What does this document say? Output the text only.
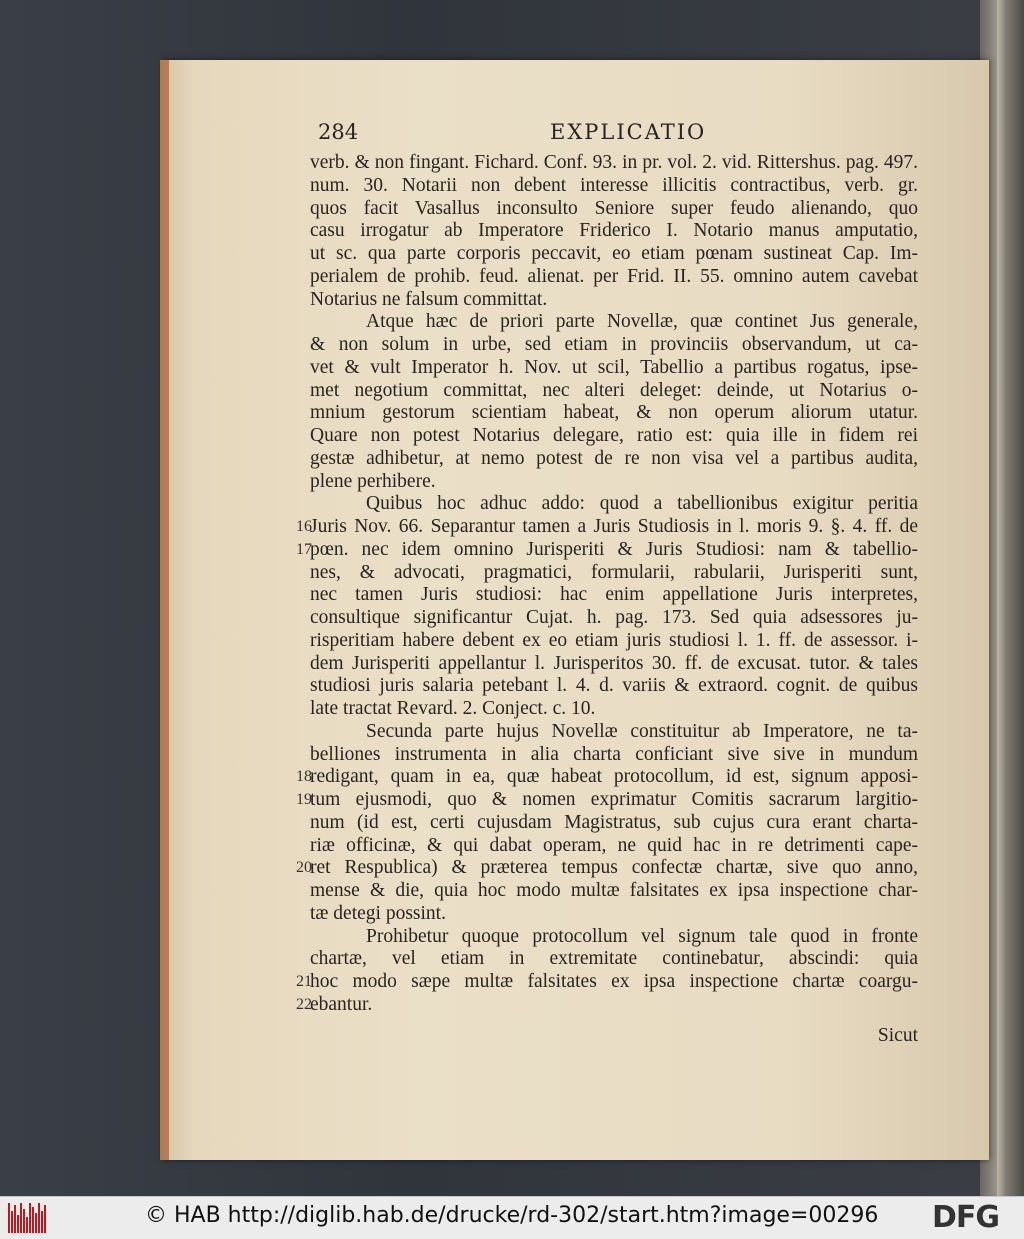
284	EXPLICATIO
verb. & non fingant. Fichard. Conf. 93. in pr. vol. 2. vid. Rittershus. pag. 497.
num. 30. Notarii non debent interesse illicitis contractibus, verb. gr.
quos facit Vasallus inconsulto Seniore super feudo alienando, quo
casu irrogatur ab Imperatore Friderico I. Notario manus amputatio,
ut sc. qua parte corporis peccavit, eo etiam pœnam sustineat Cap. Im-
perialem de prohib. feud. alienat. per Frid. II. 55. omnino autem cavebat
Notarius ne falsum committat.
Atque hæc de priori parte Novellæ, quæ continet Jus generale,
& non solum in urbe, sed etiam in provinciis observandum, ut ca-
vet & vult Imperator h. Nov. ut scil, Tabellio a partibus rogatus, ipse-
met negotium committat, nec alteri deleget: deinde, ut Notarius o-
mnium gestorum scientiam habeat, & non operum aliorum utatur.
Quare non potest Notarius delegare, ratio est: quia ille in fidem rei
gestæ adhibetur, at nemo potest de re non visa vel a partibus audita,
plene perhibere.
Quibus hoc adhuc addo: quod a tabellionibus exigitur peritia
Juris Nov. 66. Separantur tamen a Juris Studiosis in l. moris 9. §. 4. ff. de
pœn. nec idem omnino Jurisperiti & Juris Studiosi: nam & tabellio-
nes, & advocati, pragmatici, formularii, rabularii, Jurisperiti sunt,
nec tamen Juris studiosi: hac enim appellatione Juris interpretes,
consultique significantur Cujat. h. pag. 173. Sed quia adsessores ju-
risperitiam habere debent ex eo etiam juris studiosi l. 1. ff. de assessor. i-
dem Jurisperiti appellantur l. Jurisperitos 30. ff. de excusat. tutor. & tales
studiosi juris salaria petebant l. 4. d. variis & extraord. cognit. de quibus
late tractat Revard. 2. Conject. c. 10.
Secunda parte hujus Novellæ constituitur ab Imperatore, ne ta-
belliones instrumenta in alia charta conficiant sive sive in mundum
redigant, quam in ea, quæ habeat protocollum, id est, signum apposi-
tum ejusmodi, quo & nomen exprimatur Comitis sacrarum largitio-
num (id est, certi cujusdam Magistratus, sub cujus cura erant charta-
riæ officinæ, & qui dabat operam, ne quid hac in re detrimenti cape-
ret Respublica) & præterea tempus confectæ chartæ, sive quo anno,
mense & die, quia hoc modo multæ falsitates ex ipsa inspectione char-
tæ detegi possint.
Prohibetur quoque protocollum vel signum tale quod in fronte
chartæ, vel etiam in extremitate continebatur, abscindi: quia
hoc modo sæpe multæ falsitates ex ipsa inspectione chartæ coargu-
ebantur.
Sicut
16
17
18
19
20
21
22
© HAB http://diglib.hab.de/drucke/rd-302/start.htm?image=00296 DFG
